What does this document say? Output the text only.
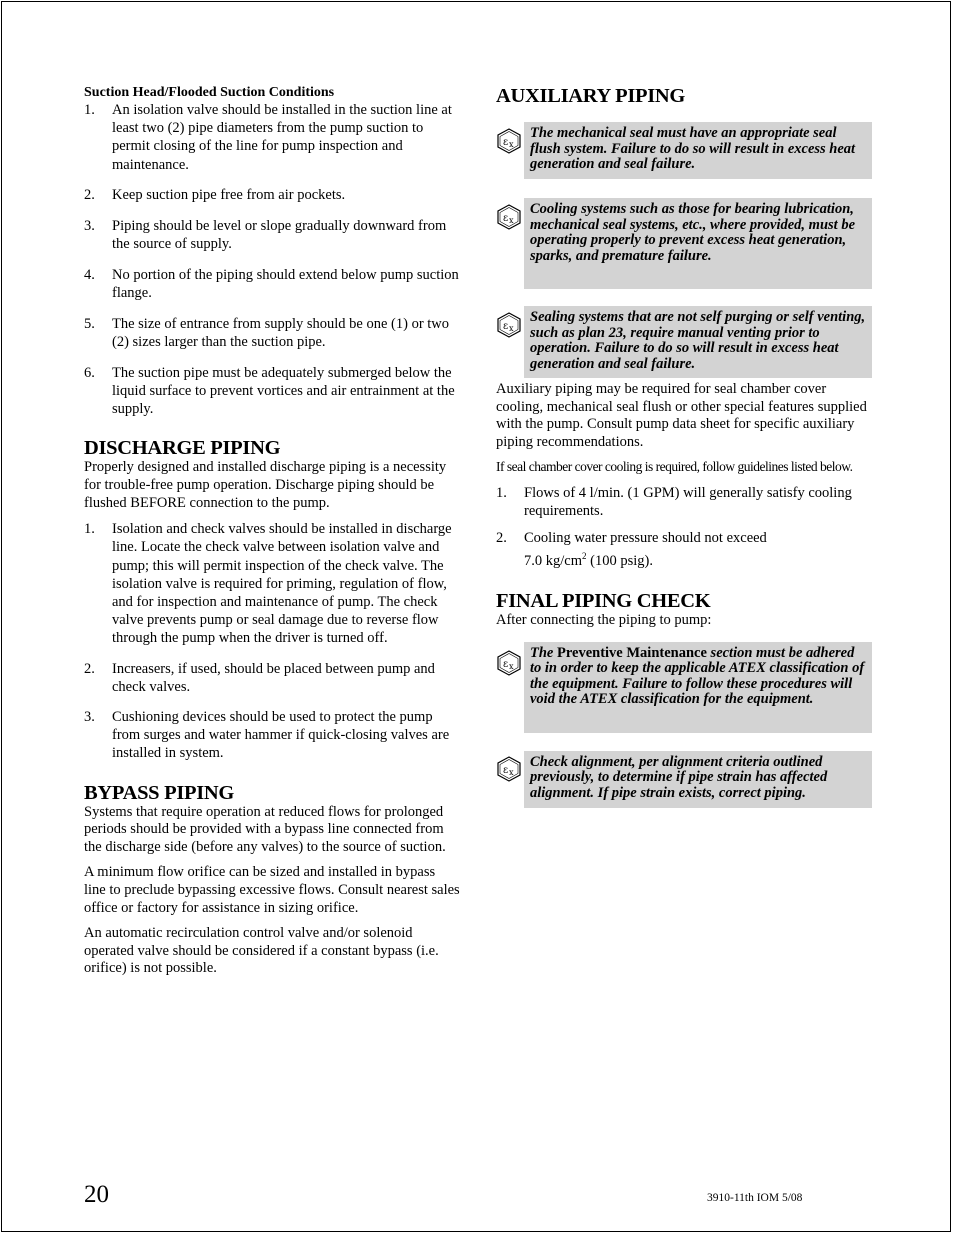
Suction Head/Flooded Suction Conditions

1. An isolation valve should be installed in the suction line at least two (2) pipe diameters from the pump suction to permit closing of the line for pump inspection and maintenance.
2. Keep suction pipe free from air pockets.
3. Piping should be level or slope gradually downward from the source of supply.
4. No portion of the piping should extend below pump suction flange.
5. The size of entrance from supply should be one (1) or two (2) sizes larger than the suction pipe.
6. The suction pipe must be adequately submerged below the liquid surface to prevent vortices and air entrainment at the supply.

DISCHARGE PIPING

Properly designed and installed discharge piping is a necessity for trouble-free pump operation. Discharge piping should be flushed BEFORE connection to the pump.

1. Isolation and check valves should be installed in discharge line. Locate the check valve between isolation valve and pump; this will permit inspection of the check valve. The isolation valve is required for priming, regulation of flow, and for inspection and maintenance of pump. The check valve prevents pump or seal damage due to reverse flow through the pump when the driver is turned off.
2. Increasers, if used, should be placed between pump and check valves.
3. Cushioning devices should be used to protect the pump from surges and water hammer if quick-closing valves are installed in system.

BYPASS PIPING

Systems that require operation at reduced flows for prolonged periods should be provided with a bypass line connected from the discharge side (before any valves) to the source of suction.

A minimum flow orifice can be sized and installed in bypass line to preclude bypassing excessive flows. Consult nearest sales office or factory for assistance in sizing orifice.

An automatic recirculation control valve and/or solenoid operated valve should be considered if a constant bypass (i.e. orifice) is not possible.

AUXILIARY PIPING

ε x
The mechanical seal must have an appropriate seal flush system. Failure to do so will result in excess heat generation and seal failure.
ε x
Cooling systems such as those for bearing lubrication, mechanical seal systems, etc., where provided, must be operating properly to prevent excess heat generation, sparks, and premature failure.
ε x
Sealing systems that are not self purging or self venting, such as plan 23, require manual venting prior to operation. Failure to do so will result in excess heat generation and seal failure.

Auxiliary piping may be required for seal chamber cover cooling, mechanical seal flush or other special features supplied with the pump. Consult pump data sheet for specific auxiliary piping recommendations.

If seal chamber cover cooling is required, follow guidelines listed below.

1. Flows of 4 l/min. (1 GPM) will generally satisfy cooling requirements.
2. Cooling water pressure should not exceed
7.0 $kg/cm^2$ (100 psig).

FINAL PIPING CHECK

After connecting the piping to pump:

ε x
The Preventive Maintenance section must be adhered to in order to keep the applicable ATEX classification of the equipment. Failure to follow these procedures will void the ATEX classification for the equipment.
ε x
Check alignment, per alignment criteria outlined previously, to determine if pipe strain has affected alignment. If pipe strain exists, correct piping.
20	3910-11th IOM 5/08
